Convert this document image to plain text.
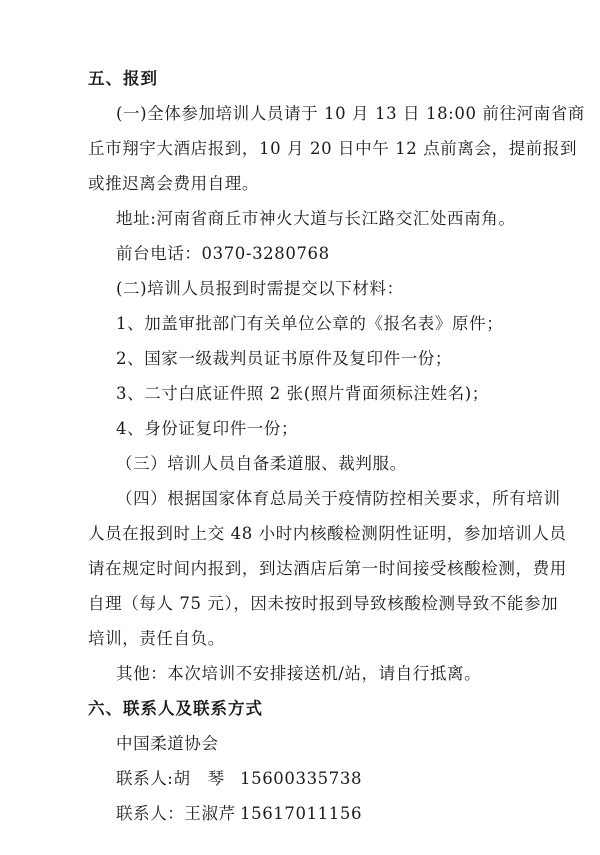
五、报到
(一)全体参加培训人员请于 10 月 13 日 18:00 前往河南省商
丘市翔宇大酒店报到，10 月 20 日中午 12 点前离会，提前报到
或推迟离会费用自理。
地址:河南省商丘市神火大道与长江路交汇处西南角。
前台电话：0370-3280768
(二)培训人员报到时需提交以下材料：
1、加盖审批部门有关单位公章的《报名表》原件；
2、国家一级裁判员证书原件及复印件一份；
3、二寸白底证件照 2 张(照片背面须标注姓名)；
4、身份证复印件一份；
（三）培训人员自备柔道服、裁判服。
（四）根据国家体育总局关于疫情防控相关要求，所有培训
人员在报到时上交 48 小时内核酸检测阴性证明，参加培训人员
请在规定时间内报到，到达酒店后第一时间接受核酸检测，费用
自理（每人 75 元），因未按时报到导致核酸检测导致不能参加
培训，责任自负。
其他：本次培训不安排接送机/站，请自行抵离。
六、联系人及联系方式
中国柔道协会
联系人:胡　琴 15600335738
联系人：王淑芹 15617011156
